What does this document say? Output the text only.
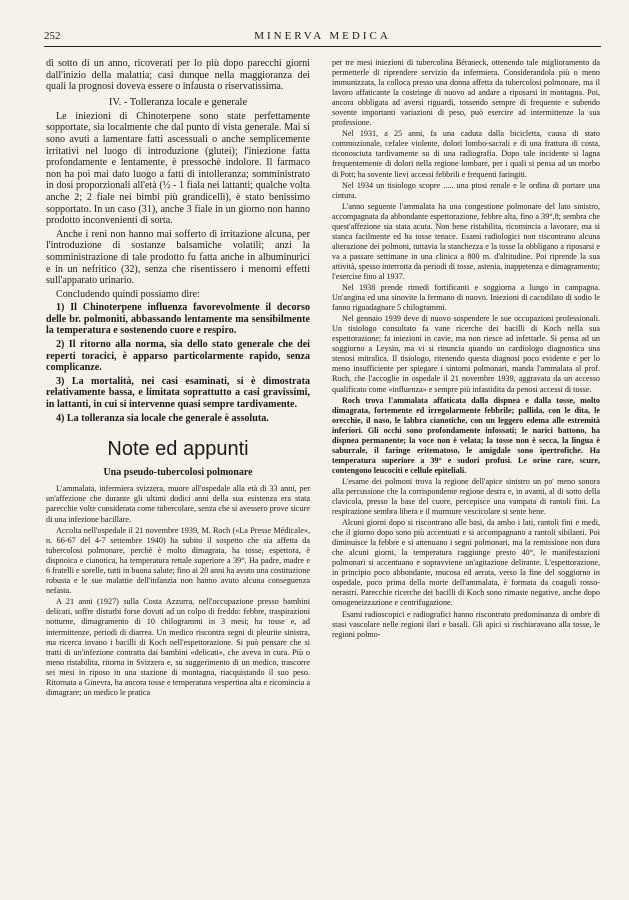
252	MINERVA MEDICA

di sotto di un anno, ricoverati per lo più dopo parecchi giorni dall'inizio della malattia; casi dunque nella maggioranza dei quali la prognosi doveva essere o infausta o riservatissima.

IV. - Tolleranza locale e generale

Le iniezioni di Chinoterpene sono state perfettamente sopportate, sia localmente che dal punto di vista generale. Mai si sono avuti a lamentare fatti ascessuali o anche semplicemente irritativi nel luogo di introduzione (glutei); l'iniezione fatta profondamente e lentamente, è pressochè indolore. Il farmaco non ha poi mai dato luogo a fatti di intolleranza; somministrato in dosi proporzionali all'età (½ - 1 fiala nei lattanti; qualche volta anche 2; 2 fiale nei bimbi più grandicelli), è stato benissimo sopportato. In un caso (31), anche 3 fiale in un giorno non hanno prodotto inconvenienti di sorta.

Anche i reni non hanno mai sofferto di irritazione alcuna, per l'introduzione di sostanze balsamiche volatili; anzi la somministrazione di tale prodotto fu fatta anche in albuminurici e in un nefritico (32), senza che risentissero i menomi effetti sull'apparato urinario.

Concludendo quindi possiamo dire:

1) Il Chinoterpene influenza favorevolmente il decorso delle br. polmoniti, abbassando lentamente ma sensibilmente la temperatura e sostenendo cuore e respiro.

2) Il ritorno alla norma, sia dello stato generale che dei reperti toracici, è apparso particolarmente rapido, senza complicanze.

3) La mortalità, nei casi esaminati, si è dimostrata relativamente bassa, e limitata soprattutto a casi gravissimi, in lattanti, in cui si intervenne quasi sempre tardivamente.

4) La tolleranza sia locale che generale è assoluta.

Note ed appunti
Una pseudo-tubercolosi polmonare

L'ammalata, infermiera svizzera, muore all'ospedale alla età di 33 anni, per un'affezione che durante gli ultimi dodici anni della sua esistenza era stata parecchie volte considerata come tubercolare, senza che si avessero prove sicure di una infezione bacillare.

Accolta nell'ospedale il 21 novembre 1939, M. Roch («La Presse Médicale», n. 66-67 del 4-7 settembre 1940) ha subito il sospetto che sia affetta da tubercolosi polmonare, perchè è molto dimagrata, ha tosse, espettora, è dispnoica e cianotica, ha temperatura rettale superiore a 39°. Ha padre, madre e 6 fratelli e sorelle, tutti in buona salute; fino ai 20 anni ha avuto una costituzione robusta e le sue malattie dell'infanzia non hanno avuto alcuna conseguenza nefasta.

A 21 anni (1927) sulla Costa Azzurra, nell'occupazione presso bambini delicati, soffre disturbi forse dovuti ad un colpo di freddo: febbre, traspirazioni notturne, dimagramento di 10 chilogrammi in 3 mesi; ha tosse e, ad intermittenze, periodi di diarrea. Un medico riscontra segni di pleurite sinistra, ma ricerca invano i bacilli di Koch nell'espettorazione. Si può pensare che si tratti di un'infezione contratta dai bambini «delicati», che aveva in cura. Più o meno ristabilita, ritorna in Svizzera e, su suggerimento di un medico, trascorre sei mesi in riposo in una stazione di montagna, riacquistando il suo peso. Ritornata a Ginevra, ha ancora tosse e temperatura vespertina alta e ricomincia a dimagrare; un medico le pratica

per tre mesi iniezioni di tubercolina Béraneck, ottenendo tale miglioramento da permetterle di riprendere servizio da infermiera. Considerandola più o meno immunizzata, la colloca presso una donna affetta da tubercolosi polmonare, ma il lavoro affaticante la costringe di nuovo ad andare a riposarsi in montagna. Poi, ancora obbligata ad aversi riguardi, tossendo sempre di frequente e subendo sovente importanti variazioni di peso, può esercire ad intermittenze la sua professione.

Nel 1931, a 25 anni, fa una caduta dalla bicicletta, causa di stato commozionale, cefalee violente, dolori lombo-sacrali e di una frattura di costa, riconosciuta tardivamente su di una radiografia. Dopo tale incidente si lagna frequentemente di dolori nella regione lombare, per i quali si pensa ad un morbo di Pott; ha sovente lievi accessi febbrili e frequenti faringiti.

Nel 1934 un tisiologo scopre ..... una ptosi renale e le ordina di portare una cintura.

L'anno seguente l'ammalata ha una congestione polmonare del lato sinistro, accompagnata da abbondante espettorazione, febbre alta, fino a 39°,8; sembra che quest'affezione sia stata acuta. Non bene ristabilita, ricomincia a lavorare, ma si stanca facilmente ed ha tosse tenace. Esami radiologici non riscontrano alcuna alterazione dei polmoni, tuttavia la stanchezza e la tosse la obbligano a riposarsi e va a passare settimane in una clinica a 800 m. d'altitudine. Poi riprende la sua attività, spesso interrotta da periodi di tosse, astenia, inappetenza e dimagramento; l'esercise fino al 1937.

Nel 1938 prende rimedi fortificanti e soggiorna a lungo in campagna. Un'angina ed una sinovite la fermano di nuovo. Iniezioni di cacodilato di sodio le fanno riguadagnare 5 chilogrammi.

Nel gennaio 1939 deve di nuovo sospendere le sue occupazioni professionali. Un tisiologo consultato fa vane ricerche dei bacilli di Koch nella sua espettorazione; fa iniezioni in cavie, ma non riesce ad infettarle. Si pensa ad un soggiorno a Leysin, ma vi si rinuncia quando un cardiologo diagnostica una stenosi mitralica. Il tisiologo, ritenendo questa diagnosi poco evidente e per lo meno insufficiente per spiegare i sintomi polmonari, manda l'ammalata al prof. Roch, che l'accoglie in ospedale il 21 novembre 1939, aggravata da un accesso qualificato come «influenza» e sempre più infastidita da penosi accessi di tosse.

Roch trova l'ammalata affaticata dalla dispnea e dalla tosse, molto dimagrata, fortemente ed irregolarmente febbrile; pallida, con le dita, le orecchie, il naso, le labbra cianotiche, con un leggero edema alle estremità inferiori. Gli occhi sono profondamente infossati; le narici battono, ha dispnea permanente; la voce non è velata; la tosse non è secca, la lingua è saburrale, il faringe eritematoso, le amigdale sono ipertrofiche. Ha temperatura superiore a 39° e sudori profusi. Le orine rare, scure, contengono leucociti e cellule epiteliali.

L'esame dei polmoni trova la regione dell'apice sinistro un po' meno sonora alla percussione che la corrispondente regione destra e, in avanti, al di sotto della clavicola, presso la base del cuore, percepisce una vampata di rantoli fini. La respirazione sembra libera e il murmure vescicolare si sente bene.

Alcuni giorni dopo si riscontrano alle basi, da ambo i lati, rantoli fini e medi, che il giorno dopo sono più accentuati e si accompagnano a rantoli sibilanti. Poi diminuisce la febbre e si attenuano i segni polmonari, ma la remissione non dura che alcuni giorni, la temperatura raggiunge presto 40°, le manifestazioni polmonari si accentuano e sopravviene un'agitazione delirante. L'espettorazione, in principio poco abbondante, mucosa ed aerata, verso la fine del soggiorno in ospedale, poco prima della morte dell'ammalata, è formata da coaguli rosso-nerastri. Parecchie ricerche dei bacilli di Koch sono rimaste negative, anche dopo omogeneizzazione e centrifugazione.

Esami radioscopici e radiografici hanno riscontrato predominanza di ombre di stasi vascolare nelle regioni ilari e basali. Gli apici si rischiaravano alla tosse, le regioni polmo-
